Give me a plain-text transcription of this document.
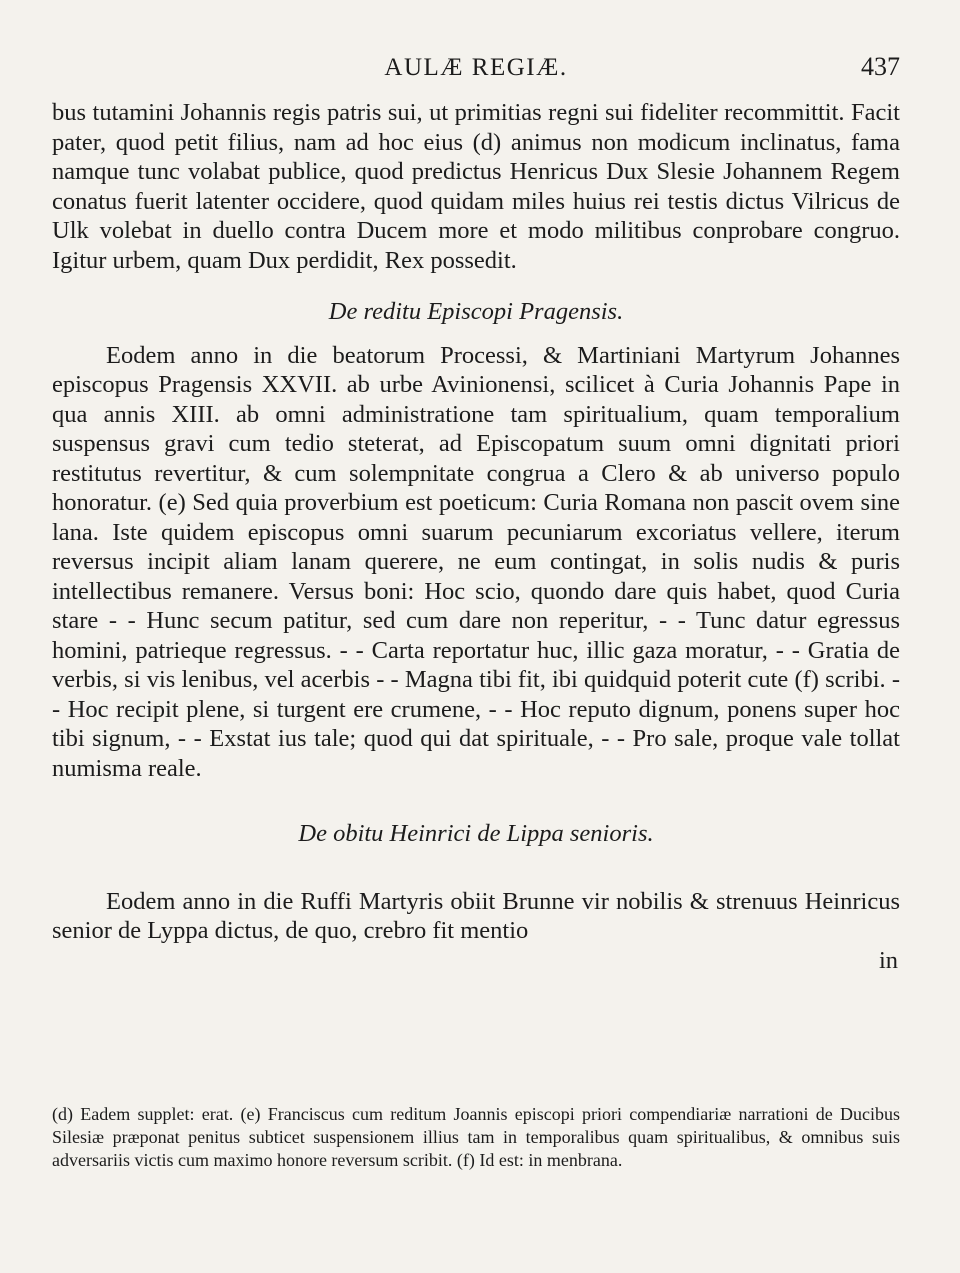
AULÆ REGIÆ.	437

bus tutamini Johannis regis patris sui, ut primitias regni sui fideliter recommittit. Facit pater, quod petit filius, nam ad hoc eius (d) animus non modicum inclinatus, fama namque tunc volabat publice, quod predictus Henricus Dux Slesie Johannem Regem conatus fuerit latenter occidere, quod quidam miles huius rei testis dictus Vilricus de Ulk volebat in duello contra Ducem more et modo militibus conprobare congruo. Igitur urbem, quam Dux perdidit, Rex possedit.

De reditu Episcopi Pragensis.

Eodem anno in die beatorum Processi, & Martiniani Martyrum Johannes episcopus Pragensis XXVII. ab urbe Avinionensi, scilicet à Curia Johannis Pape in qua annis XIII. ab omni administratione tam spiritualium, quam temporalium suspensus gravi cum tedio steterat, ad Episcopatum suum omni dignitati priori restitutus revertitur, & cum solempnitate congrua a Clero & ab universo populo honoratur. (e) Sed quia proverbium est poeticum: Curia Romana non pascit ovem sine lana. Iste quidem episcopus omni suarum pecuniarum excoriatus vellere, iterum reversus incipit aliam lanam querere, ne eum contingat, in solis nudis & puris intellectibus remanere. Versus boni: Hoc scio, quondo dare quis habet, quod Curia stare - - Hunc secum patitur, sed cum dare non reperitur, - - Tunc datur egressus homini, patrieque regressus. - - Carta reportatur huc, illic gaza moratur, - - Gratia de verbis, si vis lenibus, vel acerbis - - Magna tibi fit, ibi quidquid poterit cute (f) scribi. - - Hoc recipit plene, si turgent ere crumene, - - Hoc reputo dignum, ponens super hoc tibi signum, - - Exstat ius tale; quod qui dat spirituale, - - Pro sale, proque vale tollat numisma reale.

De obitu Heinrici de Lippa senioris.

Eodem anno in die Ruffi Martyris obiit Brunne vir nobilis & strenuus Heinricus senior de Lyppa dictus, de quo, crebro fit mentio

in

(d) Eadem supplet: erat. (e) Franciscus cum reditum Joannis episcopi priori compendiariæ narrationi de Ducibus Silesiæ præponat penitus subticet suspensionem illius tam in temporalibus quam spiritualibus, & omnibus suis adversariis victis cum maximo honore reversum scribit. (f) Id est: in menbrana.
